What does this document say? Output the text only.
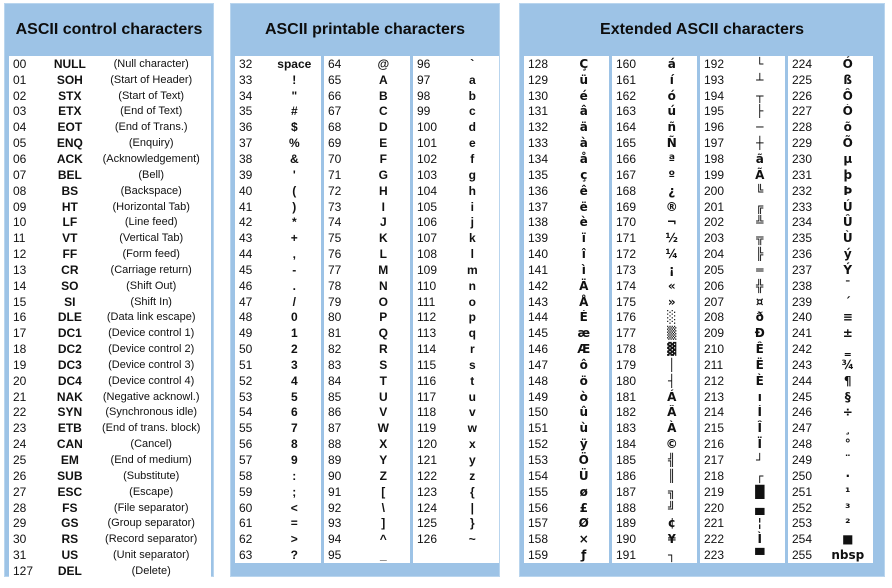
ASCII control characters
00	NULL	(Null character)
01	SOH	(Start of Header)
02	STX	(Start of Text)
03	ETX	(End of Text)
04	EOT	(End of Trans.)
05	ENQ	(Enquiry)
06	ACK	(Acknowledgement)
07	BEL	(Bell)
08	BS	(Backspace)
09	HT	(Horizontal Tab)
10	LF	(Line feed)
11	VT	(Vertical Tab)
12	FF	(Form feed)
13	CR	(Carriage return)
14	SO	(Shift Out)
15	SI	(Shift In)
16	DLE	(Data link escape)
17	DC1	(Device control 1)
18	DC2	(Device control 2)
19	DC3	(Device control 3)
20	DC4	(Device control 4)
21	NAK	(Negative acknowl.)
22	SYN	(Synchronous idle)
23	ETB	(End of trans. block)
24	CAN	(Cancel)
25	EM	(End of medium)
26	SUB	(Substitute)
27	ESC	(Escape)
28	FS	(File separator)
29	GS	(Group separator)
30	RS	(Record separator)
31	US	(Unit separator)
127	DEL	(Delete)
ASCII printable characters
32	space
33	!
34	"
35	#
36	$
37	%
38	&
39	'
40	(
41	)
42	*
43	+
44	,
45	-
46	.
47	/
48	0
49	1
50	2
51	3
52	4
53	5
54	6
55	7
56	8
57	9
58	:
59	;
60	<
61	=
62	>
63	?
64	@
65	A
66	B
67	C
68	D
69	E
70	F
71	G
72	H
73	I
74	J
75	K
76	L
77	M
78	N
79	O
80	P
81	Q
82	R
83	S
84	T
85	U
86	V
87	W
88	X
89	Y
90	Z
91	[
92	\
93	]
94	^
95	_
96	`
97	a
98	b
99	c
100	d
101	e
102	f
103	g
104	h
105	i
106	j
107	k
108	l
109	m
110	n
111	o
112	p
113	q
114	r
115	s
116	t
117	u
118	v
119	w
120	x
121	y
122	z
123	{
124	|
125	}
126	~
Extended ASCII characters
128	Ç
129	ü
130	é
131	â
132	ä
133	à
134	å
135	ç
136	ê
137	ë
138	è
139	ï
140	î
141	ì
142	Ä
143	Å
144	É
145	æ
146	Æ
147	ô
148	ö
149	ò
150	û
151	ù
152	ÿ
153	Ö
154	Ü
155	ø
156	£
157	Ø
158	×
159	ƒ
160	á
161	í
162	ó
163	ú
164	ñ
165	Ñ
166	ª
167	º
168	¿
169	®
170	¬
171	½
172	¼
173	¡
174	«
175	»
176	░
177	▒
178	▓
179	│
180	┤
181	Á
182	Â
183	À
184	©
185	╣
186	║
187	╗
188	╝
189	¢
190	¥
191	┐
192	└
193	┴
194	┬
195	├
196	─
197	┼
198	ã
199	Ã
200	╚
201	╔
202	╩
203	╦
204	╠
205	═
206	╬
207	¤
208	ð
209	Ð
210	Ê
211	Ë
212	È
213	ı
214	Í
215	Î
216	Ï
217	┘
218	┌
219	█
220	▄
221	¦
222	Ì
223	▀
224	Ó
225	ß
226	Ô
227	Ò
228	õ
229	Õ
230	µ
231	þ
232	Þ
233	Ú
234	Û
235	Ù
236	ý
237	Ý
238	¯
239	´
240	≡
241	±
242	‗
243	¾
244	¶
245	§
246	÷
247	¸
248	°
249	¨
250	·
251	¹
252	³
253	²
254	■
255	nbsp
